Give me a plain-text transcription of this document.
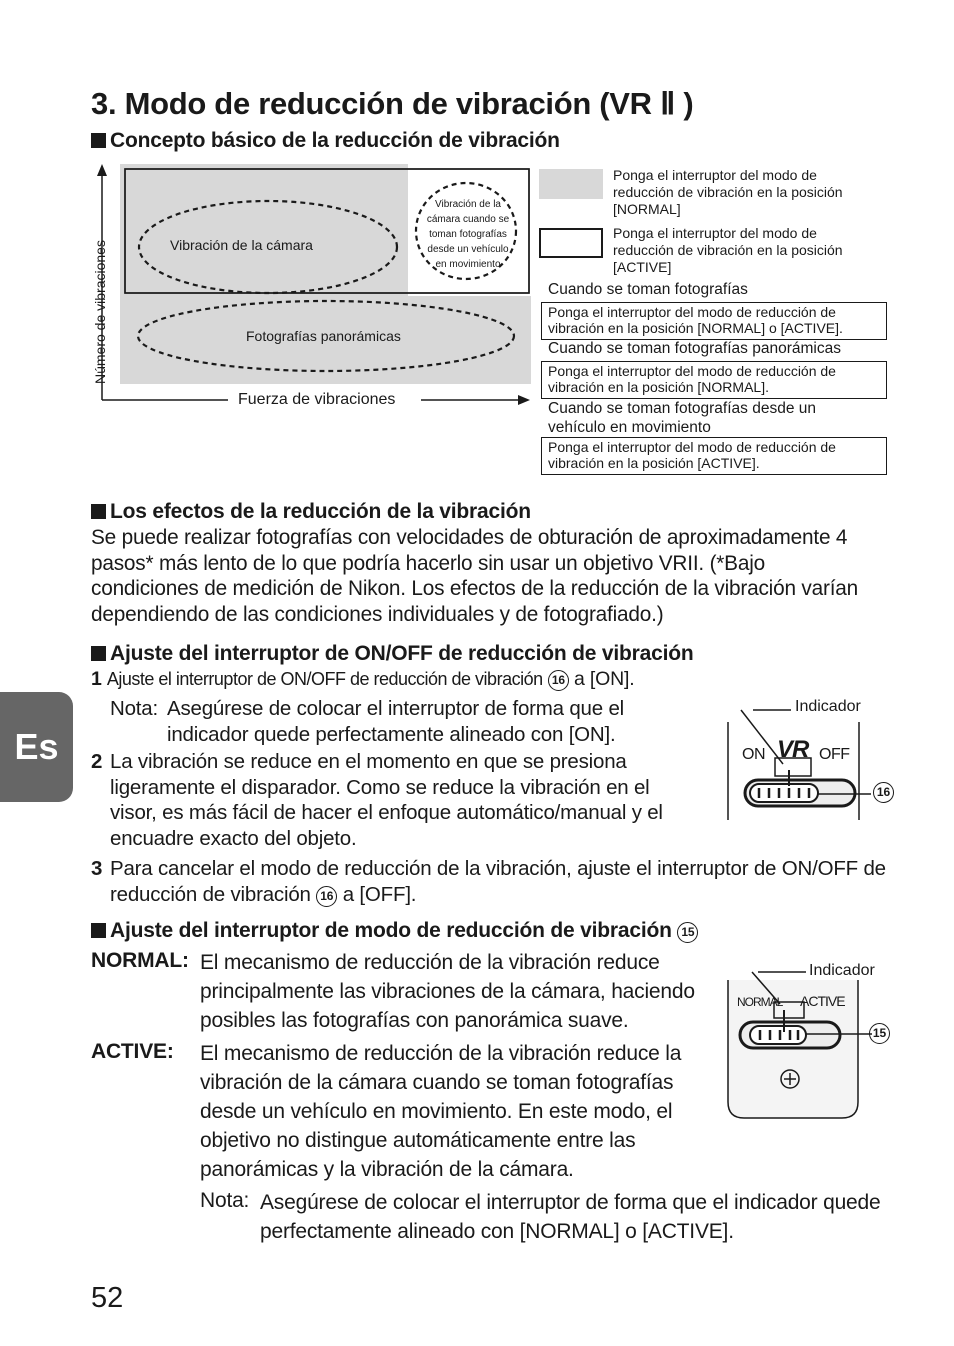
3. Modo de reducción de vibración (VR Ⅱ )
Concepto básico de la reducción de vibración
Vibración de la cámara
Fotografías panorámicas
Vibración de la cámara cuando se toman fotografías desde un vehículo en movimiento
Número de vibraciones
Fuerza de vibraciones
Ponga el interruptor del modo de reducción de vibración en la posición [NORMAL]
Ponga el interruptor del modo de reducción de vibración en la posición [ACTIVE]
Cuando se toman fotografías
Ponga el interruptor del modo de reducción de vibración en la posición [NORMAL] o [ACTIVE].
Cuando se toman fotografías panorámicas
Ponga el interruptor del modo de reducción de vibración en la posición [NORMAL].
Cuando se toman fotografías desde un vehículo en movimiento
Ponga el interruptor del modo de reducción de vibración en la posición [ACTIVE].
Los efectos de la reducción de la vibración
Se puede realizar fotografías con velocidades de obturación de aproximadamente 4 pasos* más lento de lo que podría hacerlo sin usar un objetivo VRII. (*Bajo condiciones de medición de Nikon. Los efectos de la reducción de la vibración varían dependiendo de las condiciones individuales y de fotografiado.)
Ajuste del interruptor de ON/OFF de reducción de vibración
1 Ajuste el interruptor de ON/OFF de reducción de vibración 16 a [ON].
Nota: Asegúrese de colocar el interruptor de forma que el indicador quede perfectamente alineado con [ON].
2 La vibración se reduce en el momento en que se presiona ligeramente el disparador. Como se reduce la vibración en el visor, es más fácil de hacer el enfoque automático/manual y el encuadre exacto del objeto.
3 Para cancelar el modo de reducción de la vibración, ajuste el interruptor de ON/OFF de reducción de vibración 16 a [OFF].
Indicador
ON VR OFF
16
Ajuste del interruptor de modo de reducción de vibración 15
NORMAL: El mecanismo de reducción de la vibración reduce principalmente las vibraciones de la cámara, haciendo posibles las fotografías con panorámica suave.
ACTIVE: El mecanismo de reducción de la vibración reduce la vibración de la cámara cuando se toman fotografías desde un vehículo en movimiento. En este modo, el objetivo no distingue automáticamente entre las panorámicas y la vibración de la cámara.
Nota: Asegúrese de colocar el interruptor de forma que el indicador quede perfectamente alineado con [NORMAL] o [ACTIVE].
Indicador
NORMAL ACTIVE
15
Es
52
